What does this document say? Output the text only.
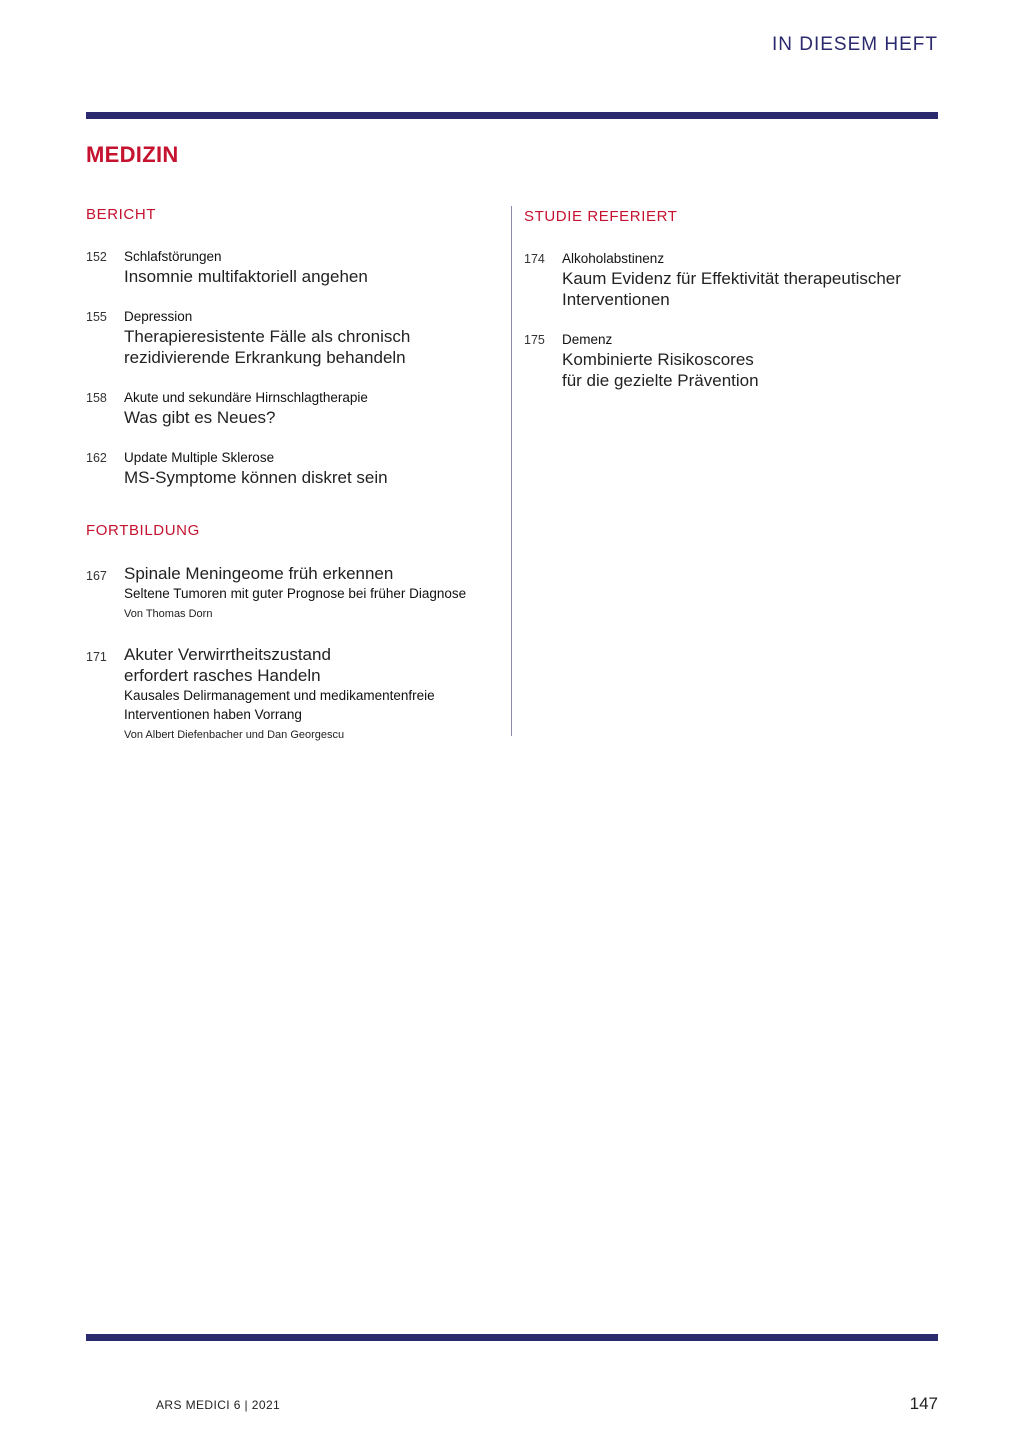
IN DIESEM HEFT
MEDIZIN
BERICHT
152	Schlafstörungen
Insomnie multifaktoriell angehen
155	Depression
Therapieresistente Fälle als chronisch rezidivierende Erkrankung behandeln
158	Akute und sekundäre Hirnschlagtherapie
Was gibt es Neues?
162	Update Multiple Sklerose
MS-Symptome können diskret sein
FORTBILDUNG
167	Spinale Meningeome früh erkennen
Seltene Tumoren mit guter Prognose bei früher Diagnose
Von Thomas Dorn
171	Akuter Verwirrtheitszustand erfordert rasches Handeln
Kausales Delirmanagement und medikamentenfreie Interventionen haben Vorrang
Von Albert Diefenbacher und Dan Georgescu
STUDIE REFERIERT
174	Alkoholabstinenz
Kaum Evidenz für Effektivität therapeutischer Interventionen
175	Demenz
Kombinierte Risikoscores für die gezielte Prävention
ARS MEDICI 6 | 2021	147
